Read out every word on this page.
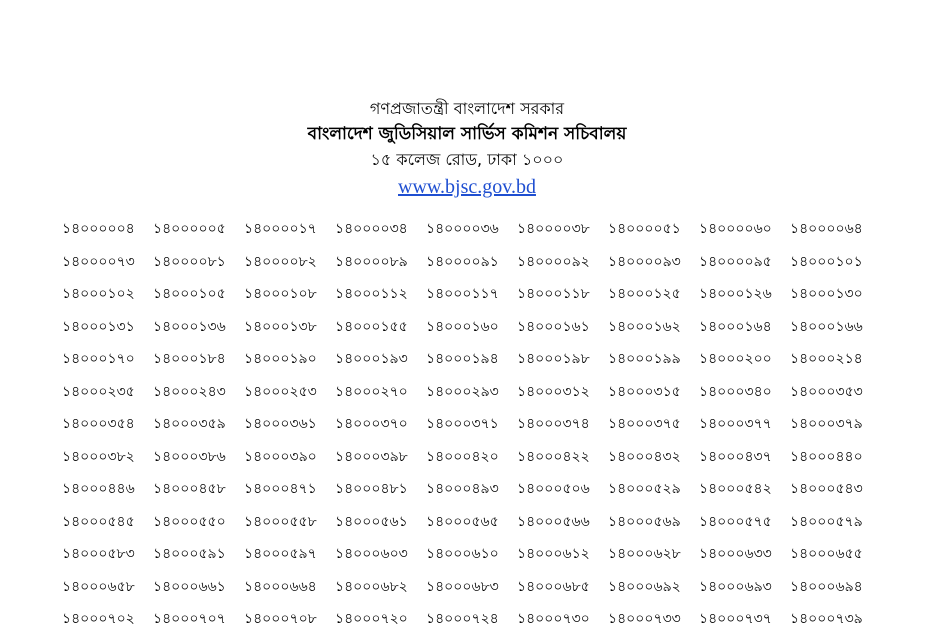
গণপ্রজাতন্ত্রী বাংলাদেশ সরকার
বাংলাদেশ জুডিসিয়াল সার্ভিস কমিশন সচিবালয়
১৫ কলেজ রোড, ঢাকা ১০০০
www.bjsc.gov.bd
১৪০০০০০৪	১৪০০০০০৫	১৪০০০০১৭	১৪০০০০৩৪	১৪০০০০৩৬	১৪০০০০৩৮	১৪০০০০৫১	১৪০০০০৬০	১৪০০০০৬৪
১৪০০০০৭৩	১৪০০০০৮১	১৪০০০০৮২	১৪০০০০৮৯	১৪০০০০৯১	১৪০০০০৯২	১৪০০০০৯৩	১৪০০০০৯৫	১৪০০০১০১
১৪০০০১০২	১৪০০০১০৫	১৪০০০১০৮	১৪০০০১১২	১৪০০০১১৭	১৪০০০১১৮	১৪০০০১২৫	১৪০০০১২৬	১৪০০০১৩০
১৪০০০১৩১	১৪০০০১৩৬	১৪০০০১৩৮	১৪০০০১৫৫	১৪০০০১৬০	১৪০০০১৬১	১৪০০০১৬২	১৪০০০১৬৪	১৪০০০১৬৬
১৪০০০১৭০	১৪০০০১৮৪	১৪০০০১৯০	১৪০০০১৯৩	১৪০০০১৯৪	১৪০০০১৯৮	১৪০০০১৯৯	১৪০০০২০০	১৪০০০২১৪
১৪০০০২৩৫	১৪০০০২৪৩	১৪০০০২৫৩	১৪০০০২৭০	১৪০০০২৯৩	১৪০০০৩১২	১৪০০০৩১৫	১৪০০০৩৪০	১৪০০০৩৫৩
১৪০০০৩৫৪	১৪০০০৩৫৯	১৪০০০৩৬১	১৪০০০৩৭০	১৪০০০৩৭১	১৪০০০৩৭৪	১৪০০০৩৭৫	১৪০০০৩৭৭	১৪০০০৩৭৯
১৪০০০৩৮২	১৪০০০৩৮৬	১৪০০০৩৯০	১৪০০০৩৯৮	১৪০০০৪২০	১৪০০০৪২২	১৪০০০৪৩২	১৪০০০৪৩৭	১৪০০০৪৪০
১৪০০০৪৪৬	১৪০০০৪৫৮	১৪০০০৪৭১	১৪০০০৪৮১	১৪০০০৪৯৩	১৪০০০৫০৬	১৪০০০৫২৯	১৪০০০৫৪২	১৪০০০৫৪৩
১৪০০০৫৪৫	১৪০০০৫৫০	১৪০০০৫৫৮	১৪০০০৫৬১	১৪০০০৫৬৫	১৪০০০৫৬৬	১৪০০০৫৬৯	১৪০০০৫৭৫	১৪০০০৫৭৯
১৪০০০৫৮৩	১৪০০০৫৯১	১৪০০০৫৯৭	১৪০০০৬০৩	১৪০০০৬১০	১৪০০০৬১২	১৪০০০৬২৮	১৪০০০৬৩৩	১৪০০০৬৫৫
১৪০০০৬৫৮	১৪০০০৬৬১	১৪০০০৬৬৪	১৪০০০৬৮২	১৪০০০৬৮৩	১৪০০০৬৮৫	১৪০০০৬৯২	১৪০০০৬৯৩	১৪০০০৬৯৪
১৪০০০৭০২	১৪০০০৭০৭	১৪০০০৭০৮	১৪০০০৭২০	১৪০০০৭২৪	১৪০০০৭৩০	১৪০০০৭৩৩	১৪০০০৭৩৭	১৪০০০৭৩৯
